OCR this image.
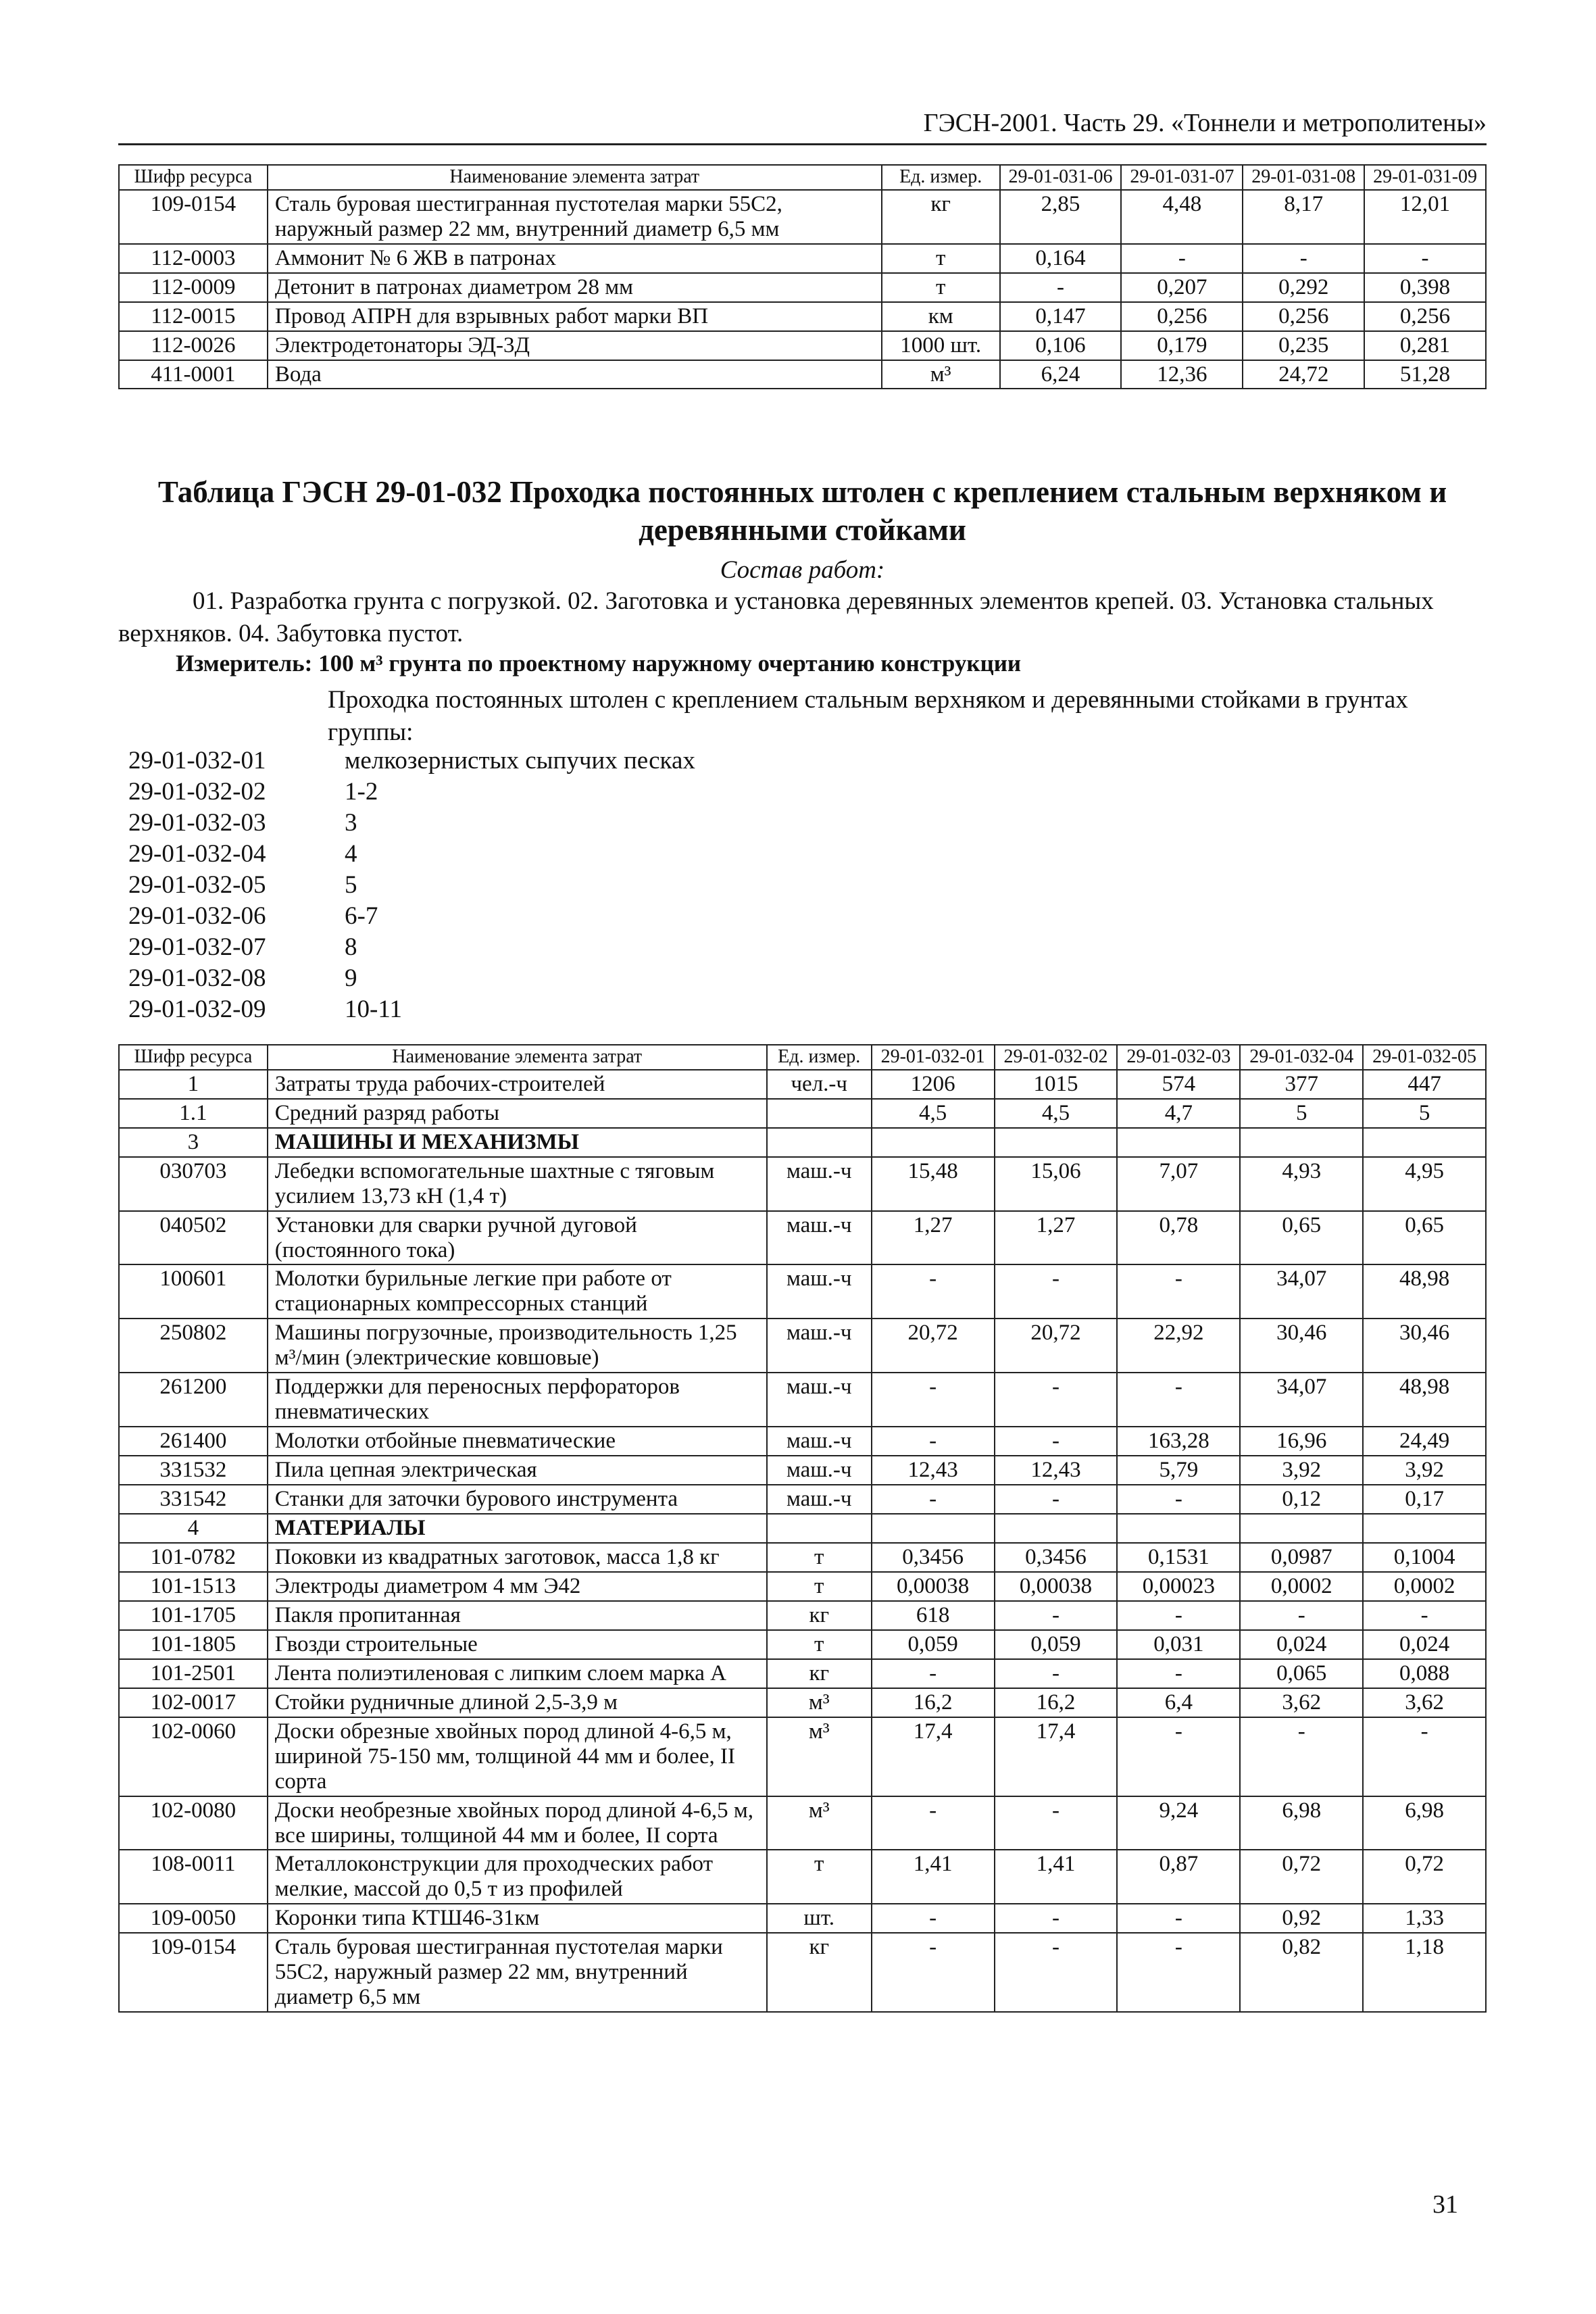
ГЭСН-2001. Часть 29. «Тоннели и метрополитены»
Шифр ресурса	Наименование элемента затрат	Ед. измер.	29-01-031-06	29-01-031-07	29-01-031-08	29-01-031-09
109-0154	Сталь буровая шестигранная пустотелая марки 55С2, наружный размер 22 мм, внутренний диаметр 6,5 мм	кг	2,85	4,48	8,17	12,01
112-0003	Аммонит № 6 ЖВ в патронах	т	0,164	-	-	-
112-0009	Детонит в патронах диаметром 28 мм	т	-	0,207	0,292	0,398
112-0015	Провод АПРН для взрывных работ марки ВП	км	0,147	0,256	0,256	0,256
112-0026	Электродетонаторы ЭД-3Д	1000 шт.	0,106	0,179	0,235	0,281
411-0001	Вода	м³	6,24	12,36	24,72	51,28
Таблица ГЭСН 29-01-032 Проходка постоянных штолен с креплением стальным верхняком и деревянными стойками
Состав работ:
01. Разработка грунта с погрузкой. 02. Заготовка и установка деревянных элементов крепей. 03. Установка стальных верхняков. 04. Забутовка пустот.
Измеритель: 100 м³ грунта по проектному наружному очертанию конструкции
Проходка постоянных штолен с креплением стальным верхняком и деревянными стойками в грунтах группы:
29-01-032-01	мелкозернистых сыпучих песках
29-01-032-02	1-2
29-01-032-03	3
29-01-032-04	4
29-01-032-05	5
29-01-032-06	6-7
29-01-032-07	8
29-01-032-08	9
29-01-032-09	10-11
Шифр ресурса	Наименование элемента затрат	Ед. измер.	29-01-032-01	29-01-032-02	29-01-032-03	29-01-032-04	29-01-032-05
1	Затраты труда рабочих-строителей	чел.-ч	1206	1015	574	377	447
1.1	Средний разряд работы		4,5	4,5	4,7	5	5
3	МАШИНЫ И МЕХАНИЗМЫ						
030703	Лебедки вспомогательные шахтные с тяговым усилием 13,73 кН (1,4 т)	маш.-ч	15,48	15,06	7,07	4,93	4,95
040502	Установки для сварки ручной дуговой (постоянного тока)	маш.-ч	1,27	1,27	0,78	0,65	0,65
100601	Молотки бурильные легкие при работе от стационарных компрессорных станций	маш.-ч	-	-	-	34,07	48,98
250802	Машины погрузочные, производительность 1,25 м³/мин (электрические ковшовые)	маш.-ч	20,72	20,72	22,92	30,46	30,46
261200	Поддержки для переносных перфораторов пневматических	маш.-ч	-	-	-	34,07	48,98
261400	Молотки отбойные пневматические	маш.-ч	-	-	163,28	16,96	24,49
331532	Пила цепная электрическая	маш.-ч	12,43	12,43	5,79	3,92	3,92
331542	Станки для заточки бурового инструмента	маш.-ч	-	-	-	0,12	0,17
4	МАТЕРИАЛЫ						
101-0782	Поковки из квадратных заготовок, масса 1,8 кг	т	0,3456	0,3456	0,1531	0,0987	0,1004
101-1513	Электроды диаметром 4 мм Э42	т	0,00038	0,00038	0,00023	0,0002	0,0002
101-1705	Пакля пропитанная	кг	618	-	-	-	-
101-1805	Гвозди строительные	т	0,059	0,059	0,031	0,024	0,024
101-2501	Лента полиэтиленовая с липким слоем марка А	кг	-	-	-	0,065	0,088
102-0017	Стойки рудничные длиной 2,5-3,9 м	м³	16,2	16,2	6,4	3,62	3,62
102-0060	Доски обрезные хвойных пород длиной 4-6,5 м, шириной 75-150 мм, толщиной 44 мм и более, II сорта	м³	17,4	17,4	-	-	-
102-0080	Доски необрезные хвойных пород длиной 4-6,5 м, все ширины, толщиной 44 мм и более, II сорта	м³	-	-	9,24	6,98	6,98
108-0011	Металлоконструкции для проходческих работ мелкие, массой до 0,5 т из профилей	т	1,41	1,41	0,87	0,72	0,72
109-0050	Коронки типа КТШ46-31км	шт.	-	-	-	0,92	1,33
109-0154	Сталь буровая шестигранная пустотелая марки 55С2, наружный размер 22 мм, внутренний диаметр 6,5 мм	кг	-	-	-	0,82	1,18
31
